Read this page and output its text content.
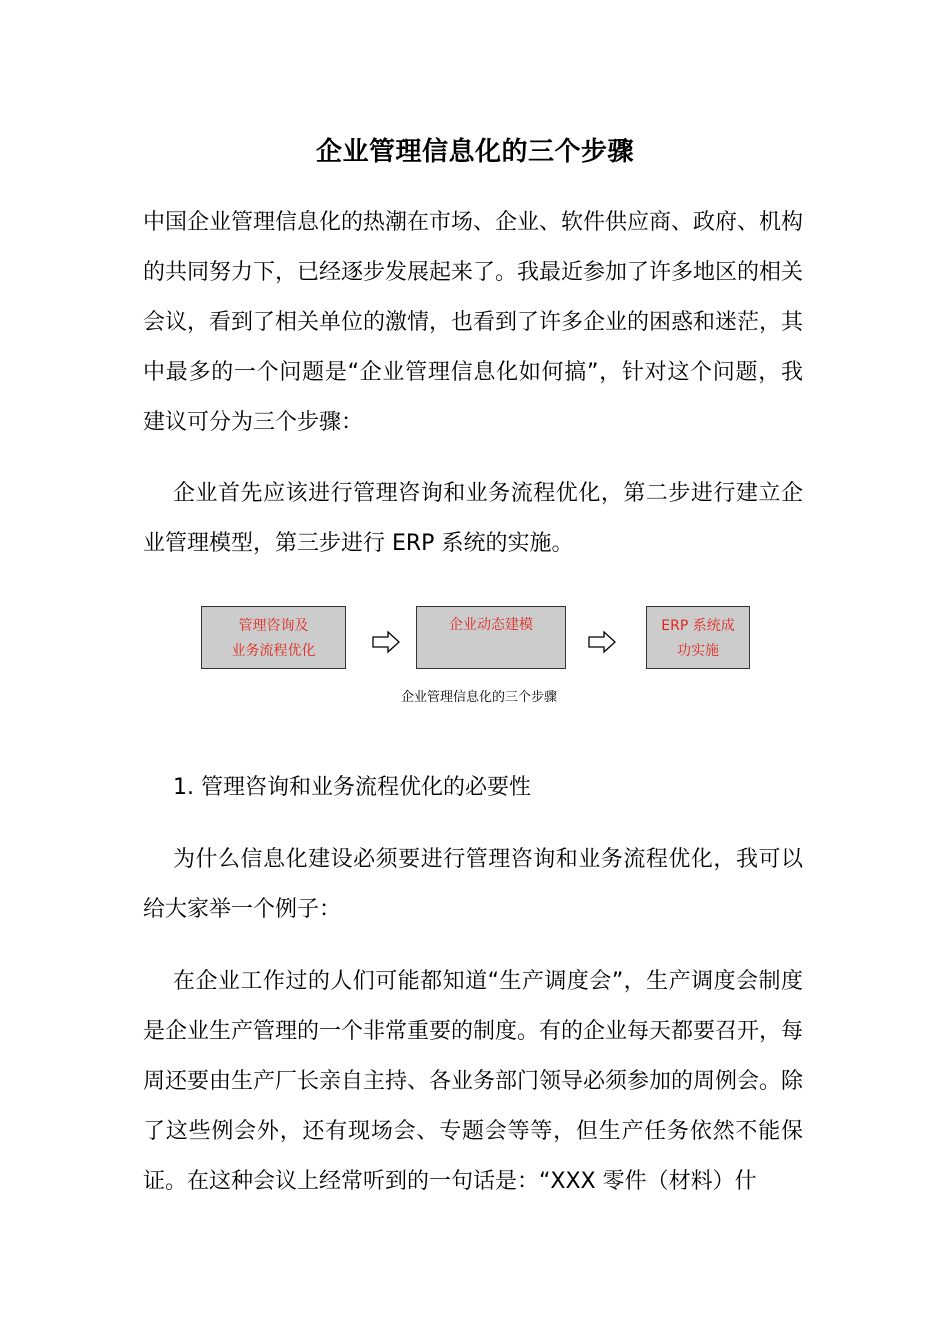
企业管理信息化的三个步骤

中国企业管理信息化的热潮在市场、企业、软件供应商、政府、机构的共同努力下，已经逐步发展起来了。我最近参加了许多地区的相关会议，看到了相关单位的激情，也看到了许多企业的困惑和迷茫，其中最多的一个问题是“企业管理信息化如何搞”，针对这个问题，我建议可分为三个步骤：

企业首先应该进行管理咨询和业务流程优化，第二步进行建立企业管理模型，第三步进行 ERP 系统的实施。

管理咨询及
业务流程优化
企业动态建模	ERP 系统成
功实施
企业管理信息化的三个步骤

1. 管理咨询和业务流程优化的必要性

为什么信息化建设必须要进行管理咨询和业务流程优化，我可以给大家举一个例子：

在企业工作过的人们可能都知道“生产调度会”，生产调度会制度是企业生产管理的一个非常重要的制度。有的企业每天都要召开，每周还要由生产厂长亲自主持、各业务部门领导必须参加的周例会。除了这些例会外，还有现场会、专题会等等，但生产任务依然不能保证。在这种会议上经常听到的一句话是：“XXX 零件（材料）什
